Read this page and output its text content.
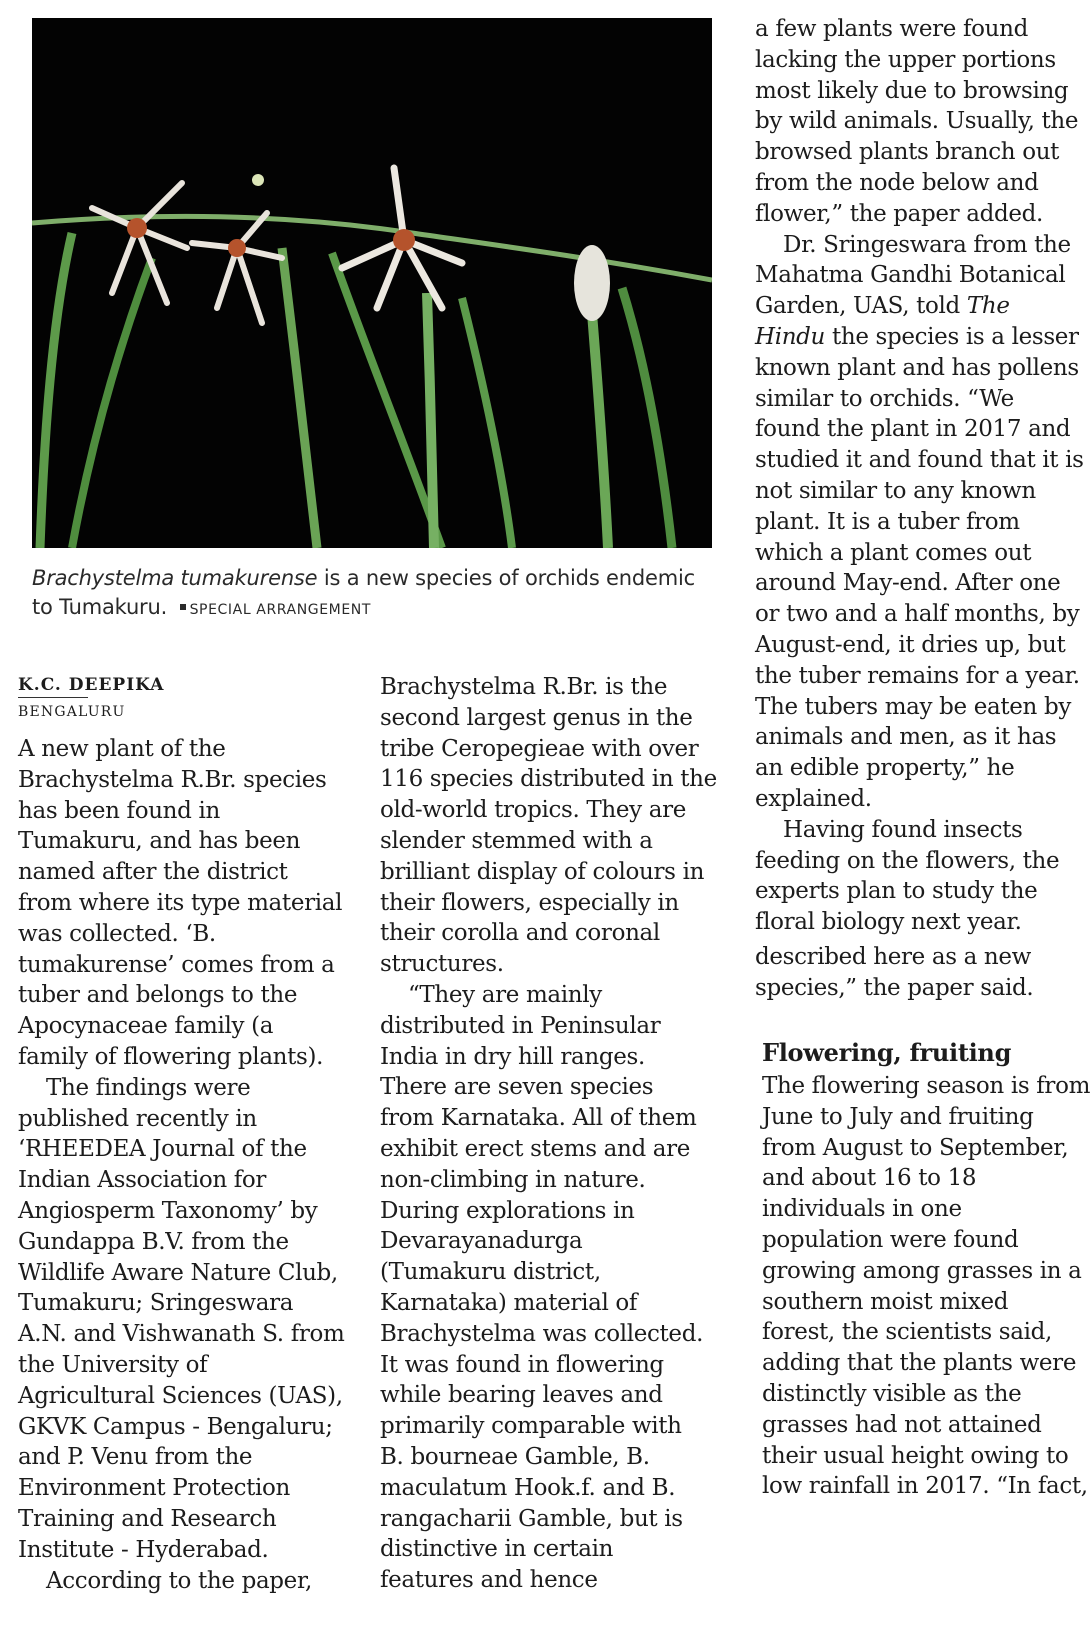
Brachystelma tumakurense is a new species of orchids endemic to Tumakuru. SPECIAL ARRANGEMENT
K.C. DEEPIKA
BENGALURU

A new plant of the

Brachystelma R.Br. species

has been found in

Tumakuru, and has been

named after the district

from where its type material

was collected. ‘B.

tumakurense’ comes from a

tuber and belongs to the

Apocynaceae family (a

family of flowering plants).

The findings were

published recently in

‘RHEEDEA Journal of the

Indian Association for

Angiosperm Taxonomy’ by

Gundappa B.V. from the

Wildlife Aware Nature Club,

Tumakuru; Sringeswara

A.N. and Vishwanath S. from

the University of

Agricultural Sciences (UAS),

GKVK Campus - Bengaluru;

and P. Venu from the

Environment Protection

Training and Research

Institute - Hyderabad.

According to the paper,

Brachystelma R.Br. is the

second largest genus in the

tribe Ceropegieae with over

116 species distributed in the

old-world tropics. They are

slender stemmed with a

brilliant display of colours in

their flowers, especially in

their corolla and coronal

structures.

“They are mainly

distributed in Peninsular

India in dry hill ranges.

There are seven species

from Karnataka. All of them

exhibit erect stems and are

non-climbing in nature.

During explorations in

Devarayanadurga

(Tumakuru district,

Karnataka) material of

Brachystelma was collected.

It was found in flowering

while bearing leaves and

primarily comparable with

B. bourneae Gamble, B.

maculatum Hook.f. and B.

rangacharii Gamble, but is

distinctive in certain

features and hence

a few plants were found

lacking the upper portions

most likely due to browsing

by wild animals. Usually, the

browsed plants branch out

from the node below and

flower,” the paper added.

Dr. Sringeswara from the

Mahatma Gandhi Botanical

Garden, UAS, told The

Hindu the species is a lesser

known plant and has pollens

similar to orchids. “We

found the plant in 2017 and

studied it and found that it is

not similar to any known

plant. It is a tuber from

which a plant comes out

around May-end. After one

or two and a half months, by

August-end, it dries up, but

the tuber remains for a year.

The tubers may be eaten by

animals and men, as it has

an edible property,” he

explained.

Having found insects

feeding on the flowers, the

experts plan to study the

floral biology next year.

described here as a new

species,” the paper said.

Flowering, fruiting

The flowering season is from

June to July and fruiting

from August to September,

and about 16 to 18

individuals in one

population were found

growing among grasses in a

southern moist mixed

forest, the scientists said,

adding that the plants were

distinctly visible as the

grasses had not attained

their usual height owing to

low rainfall in 2017. “In fact,
